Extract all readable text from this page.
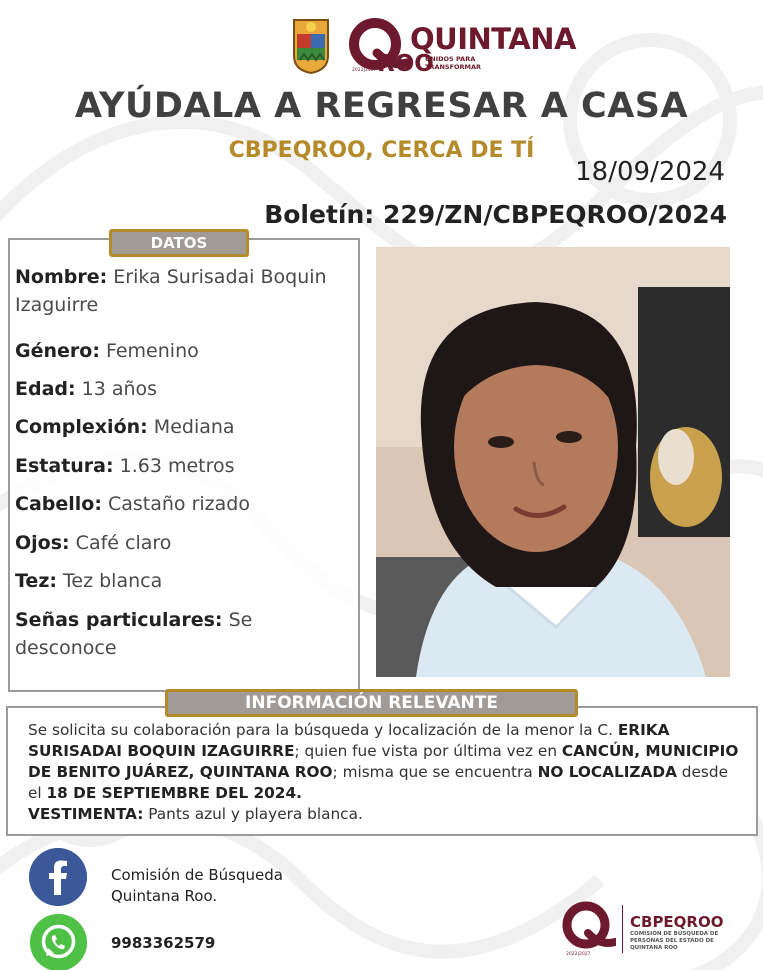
QUINTANA
ROO
UNIDOS PARA TRANSFORMAR
2022|2027
AYÚDALA A REGRESAR A CASA
CBPEQROO, CERCA DE TÍ
18/09/2024
Boletín: 229/ZN/CBPEQROO/2024
DATOS
Nombre: Erika Surisadai Boquin Izaguirre
Género: Femenino
Edad: 13 años
Complexión: Mediana
Estatura: 1.63 metros
Cabello: Castaño rizado
Ojos: Café claro
Tez: Tez blanca
Señas particulares: Se desconoce
INFORMACIÓN RELEVANTE
Se solicita su colaboración para la búsqueda y localización de la menor la C. ERIKA SURISADAI BOQUIN IZAGUIRRE; quien fue vista por última vez en CANCÚN, MUNICIPIO DE BENITO JUÁREZ, QUINTANA ROO; misma que se encuentra NO LOCALIZADA desde el 18 DE SEPTIEMBRE DEL 2024.
VESTIMENTA: Pants azul y playera blanca.
Comisión de Búsqueda
Quintana Roo.
9983362579
2022|2027
CBPEQROO
COMISIÓN DE BÚSQUEDA DE PERSONAS DEL ESTADO DE QUINTANA ROO
